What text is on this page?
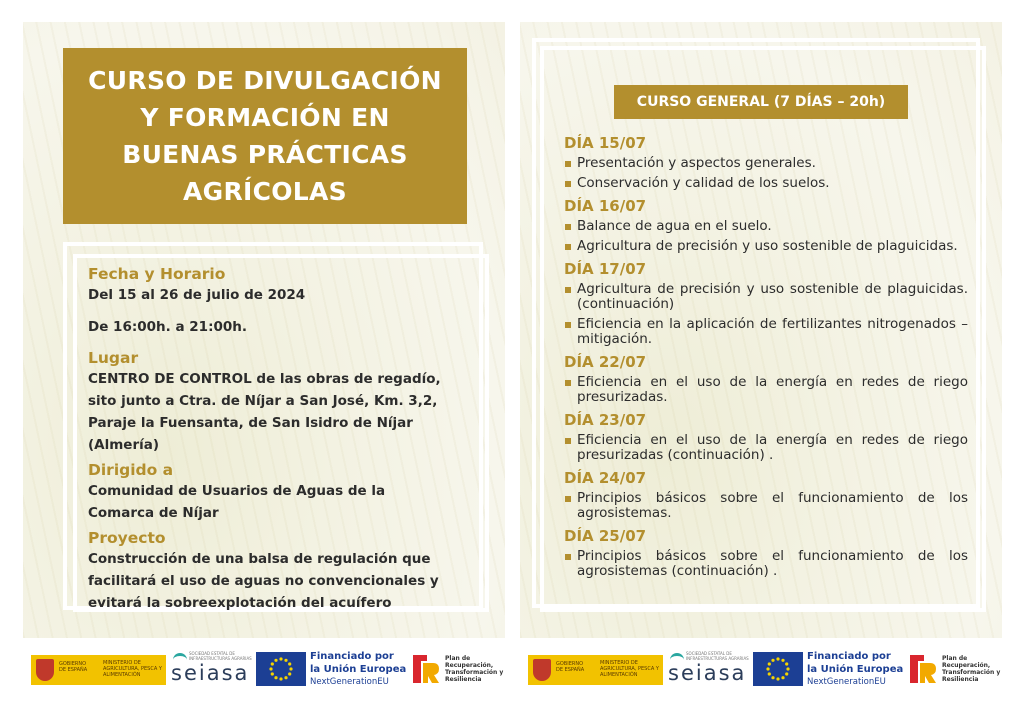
CURSO DE DIVULGACIÓN
Y FORMACIÓN EN
BUENAS PRÁCTICAS
AGRÍCOLAS
Fecha y Horario
Del 15 al 26 de julio de 2024
De 16:00h. a 21:00h.
Lugar
CENTRO DE CONTROL de las obras de regadío,
sito junto a Ctra. de Níjar a San José, Km. 3,2,
Paraje la Fuensanta, de San Isidro de Níjar
(Almería)
Dirigido a
Comunidad de Usuarios de Aguas de la
Comarca de Níjar
Proyecto
Construcción de una balsa de regulación que
facilitará el uso de aguas no convencionales y
evitará la sobreexplotación del acuífero
CURSO GENERAL (7 DÍAS – 20h)
DÍA 15/07
Presentación y aspectos generales.
Conservación y calidad de los suelos.
DÍA 16/07
Balance de agua en el suelo.
Agricultura de precisión y uso sostenible de plaguicidas.
DÍA 17/07
Agricultura de precisión y uso sostenible de plaguicidas. (continuación)
Eficiencia en la aplicación de fertilizantes nitrogenados – mitigación.
DÍA 22/07
Eficiencia en el uso de la energía en redes de riego presurizadas.
DÍA 23/07
Eficiencia en el uso de la energía en redes de riego presurizadas (continuación) .
DÍA 24/07
Principios básicos sobre el funcionamiento de los agrosistemas.
DÍA 25/07
Principios básicos sobre el funcionamiento de los agrosistemas (continuación) .
GOBIERNO DE ESPAÑA
MINISTERIO DE AGRICULTURA, PESCA Y ALIMENTACIÓN
SOCIEDAD ESTATAL DE INFRAESTRUCTURAS AGRARIAS
seiasa
Financiado por
la Unión Europea
NextGenerationEU
Plan de Recuperación, Transformación y Resiliencia
GOBIERNO DE ESPAÑA
MINISTERIO DE AGRICULTURA, PESCA Y ALIMENTACIÓN
SOCIEDAD ESTATAL DE INFRAESTRUCTURAS AGRARIAS
seiasa
Financiado por
la Unión Europea
NextGenerationEU
Plan de Recuperación, Transformación y Resiliencia
